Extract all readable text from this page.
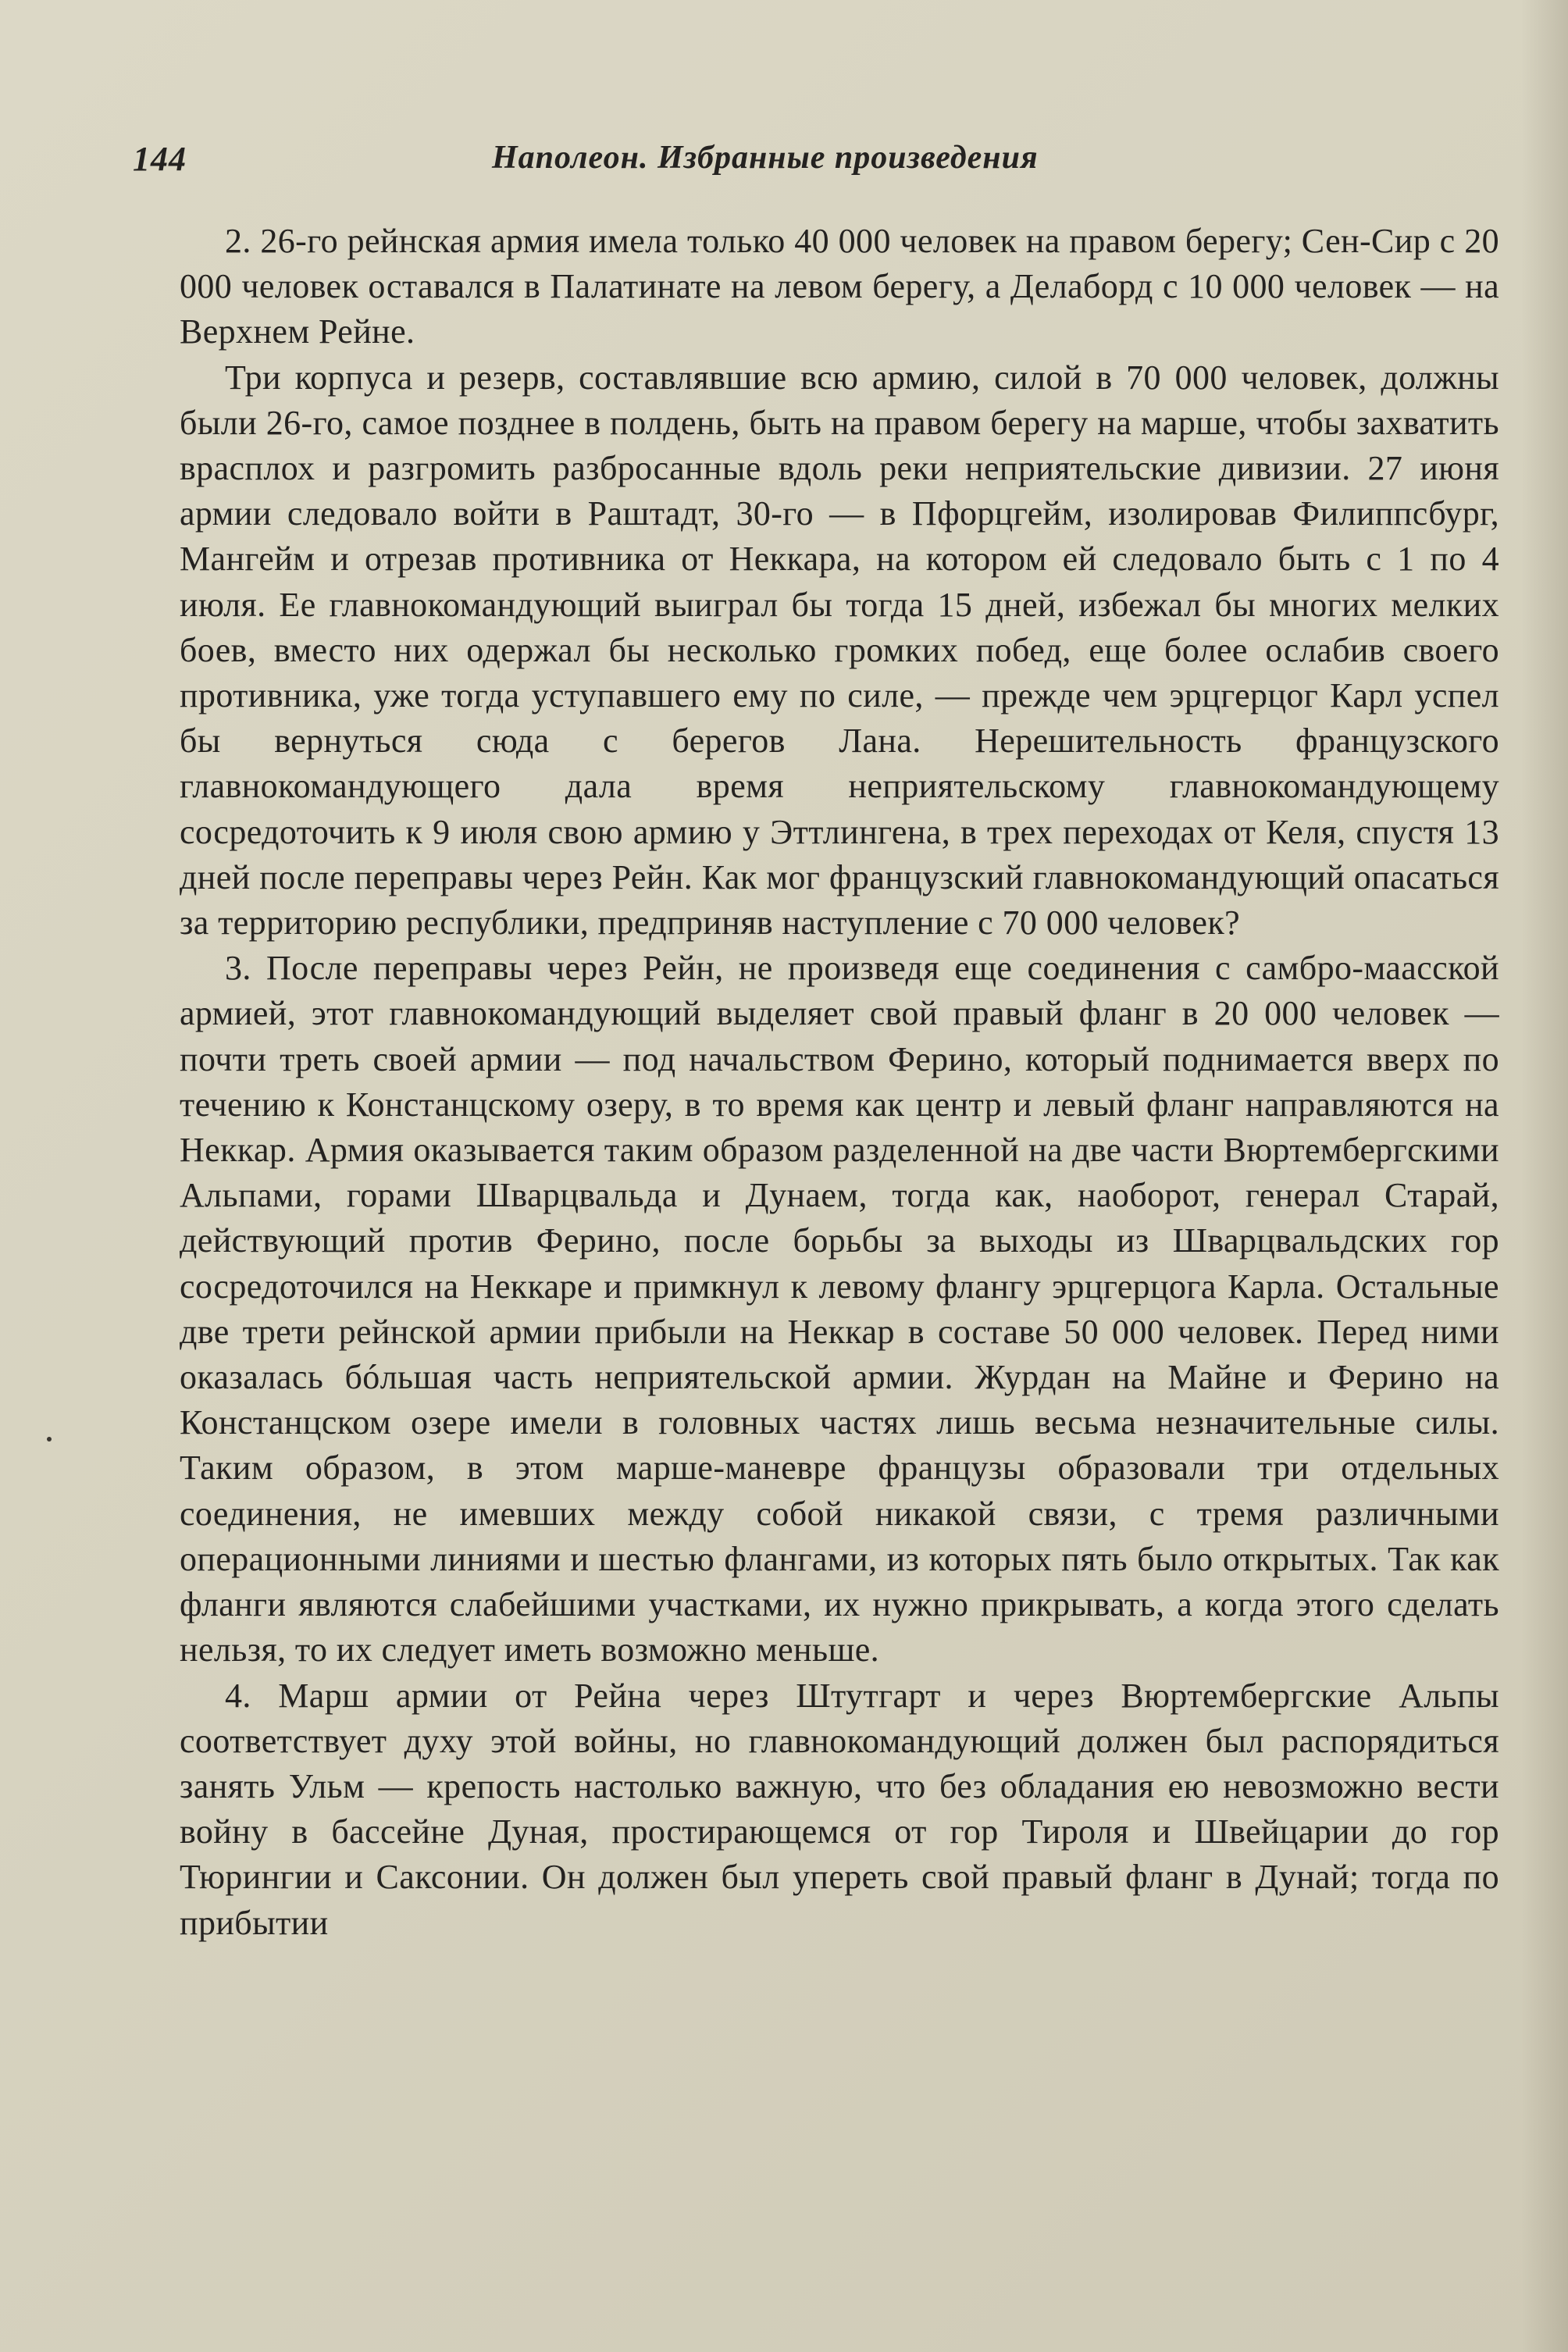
144	Наполеон. Избранные произведения

2. 26-го рейнская армия имела только 40 000 человек на правом берегу; Сен-Сир с 20 000 человек оставался в Палатинате на левом берегу, а Делаборд с 10 000 человек — на Верхнем Рейне.

Три корпуса и резерв, составлявшие всю армию, силой в 70 000 человек, должны были 26-го, самое позднее в полдень, быть на правом берегу на марше, чтобы захватить врасплох и разгромить разбросанные вдоль реки неприятельские дивизии. 27 июня армии следовало войти в Раштадт, 30-го — в Пфорцгейм, изолировав Филиппсбург, Мангейм и отрезав противника от Неккара, на котором ей следовало быть с 1 по 4 июля. Ее главнокомандующий выиграл бы тогда 15 дней, избежал бы многих мелких боев, вместо них одержал бы несколько громких побед, еще более ослабив своего противника, уже тогда уступавшего ему по силе, — прежде чем эрцгерцог Карл успел бы вернуться сюда с берегов Лана. Нерешительность французского главнокомандующего дала время неприятельскому главнокомандующему сосредоточить к 9 июля свою армию у Эттлингена, в трех переходах от Келя, спустя 13 дней после переправы через Рейн. Как мог французский главнокомандующий опасаться за территорию республики, предприняв наступление с 70 000 человек?

3. После переправы через Рейн, не произведя еще соединения с самбро-маасской армией, этот главнокомандующий выделяет свой правый фланг в 20 000 человек — почти треть своей армии — под начальством Ферино, который поднимается вверх по течению к Констанцскому озеру, в то время как центр и левый фланг направляются на Неккар. Армия оказывается таким образом разделенной на две части Вюртембергскими Альпами, горами Шварцвальда и Дунаем, тогда как, наоборот, генерал Старай, действующий против Ферино, после борьбы за выходы из Шварцвальдских гор сосредоточился на Неккаре и примкнул к левому флангу эрцгерцога Карла. Остальные две трети рейнской армии прибыли на Неккар в составе 50 000 человек. Перед ними оказалась бóльшая часть неприятельской армии. Журдан на Майне и Ферино на Констанцском озере имели в головных частях лишь весьма незначительные силы. Таким образом, в этом марше-маневре французы образовали три отдельных соединения, не имевших между собой никакой связи, с тремя различными операционными линиями и шестью флангами, из которых пять было открытых. Так как фланги являются слабейшими участками, их нужно прикрывать, а когда этого сделать нельзя, то их следует иметь возможно меньше.

4. Марш армии от Рейна через Штутгарт и через Вюртембергские Альпы соответствует духу этой войны, но главнокомандующий должен был распорядиться занять Ульм — крепость настолько важную, что без обладания ею невозможно вести войну в бассейне Дуная, простирающемся от гор Тироля и Швейцарии до гор Тюрингии и Саксонии. Он должен был упереть свой правый фланг в Дунай; тогда по прибытии
